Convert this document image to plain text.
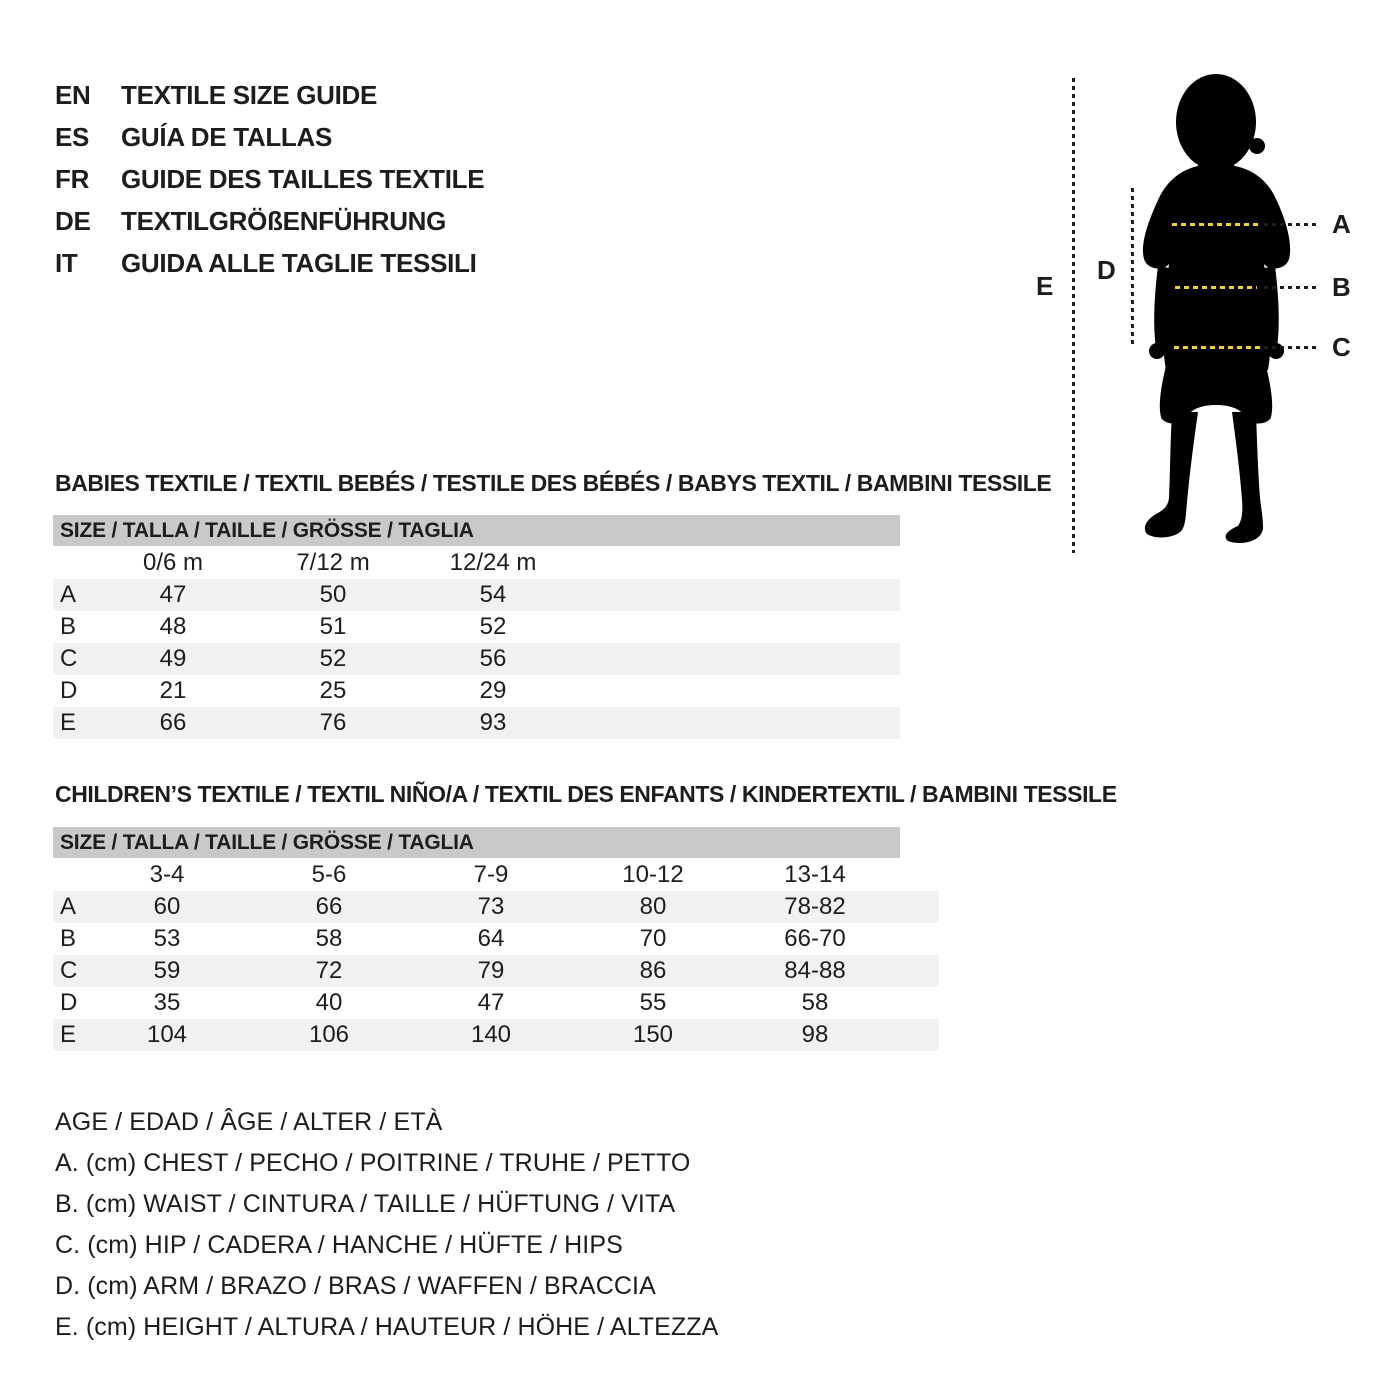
EN	TEXTILE SIZE GUIDE
ES	GUÍA DE TALLAS
FR	GUIDE DES TAILLES TEXTILE
DE	TEXTILGRÖßENFÜHRUNG
IT	GUIDA ALLE TAGLIE TESSILI
E
D
A
B
C
BABIES TEXTILE / TEXTIL BEBÉS / TESTILE DES BÉBÉS / BABYS TEXTIL / BAMBINI TESSILE
SIZE / TALLA / TAILLE / GRÖSSE / TAGLIA
	0/6 m	7/12 m	12/24 m	
A	47	50	54	
B	48	51	52	
C	49	52	56	
D	21	25	29	
E	66	76	93	
CHILDREN’S TEXTILE / TEXTIL NIÑO/A / TEXTIL DES ENFANTS / KINDERTEXTIL / BAMBINI TESSILE
SIZE / TALLA / TAILLE / GRÖSSE / TAGLIA
	3-4	5-6	7-9	10-12	13-14	
A	60	66	73	80	78-82	
B	53	58	64	70	66-70	
C	59	72	79	86	84-88	
D	35	40	47	55	58	
E	104	106	140	150	98	
AGE / EDAD / ÂGE / ALTER / ETÀ
A. (cm) CHEST / PECHO / POITRINE / TRUHE / PETTO
B. (cm) WAIST / CINTURA / TAILLE / HÜFTUNG / VITA
C. (cm) HIP / CADERA / HANCHE / HÜFTE / HIPS
D. (cm) ARM / BRAZO / BRAS / WAFFEN / BRACCIA
E. (cm) HEIGHT / ALTURA / HAUTEUR / HÖHE / ALTEZZA
